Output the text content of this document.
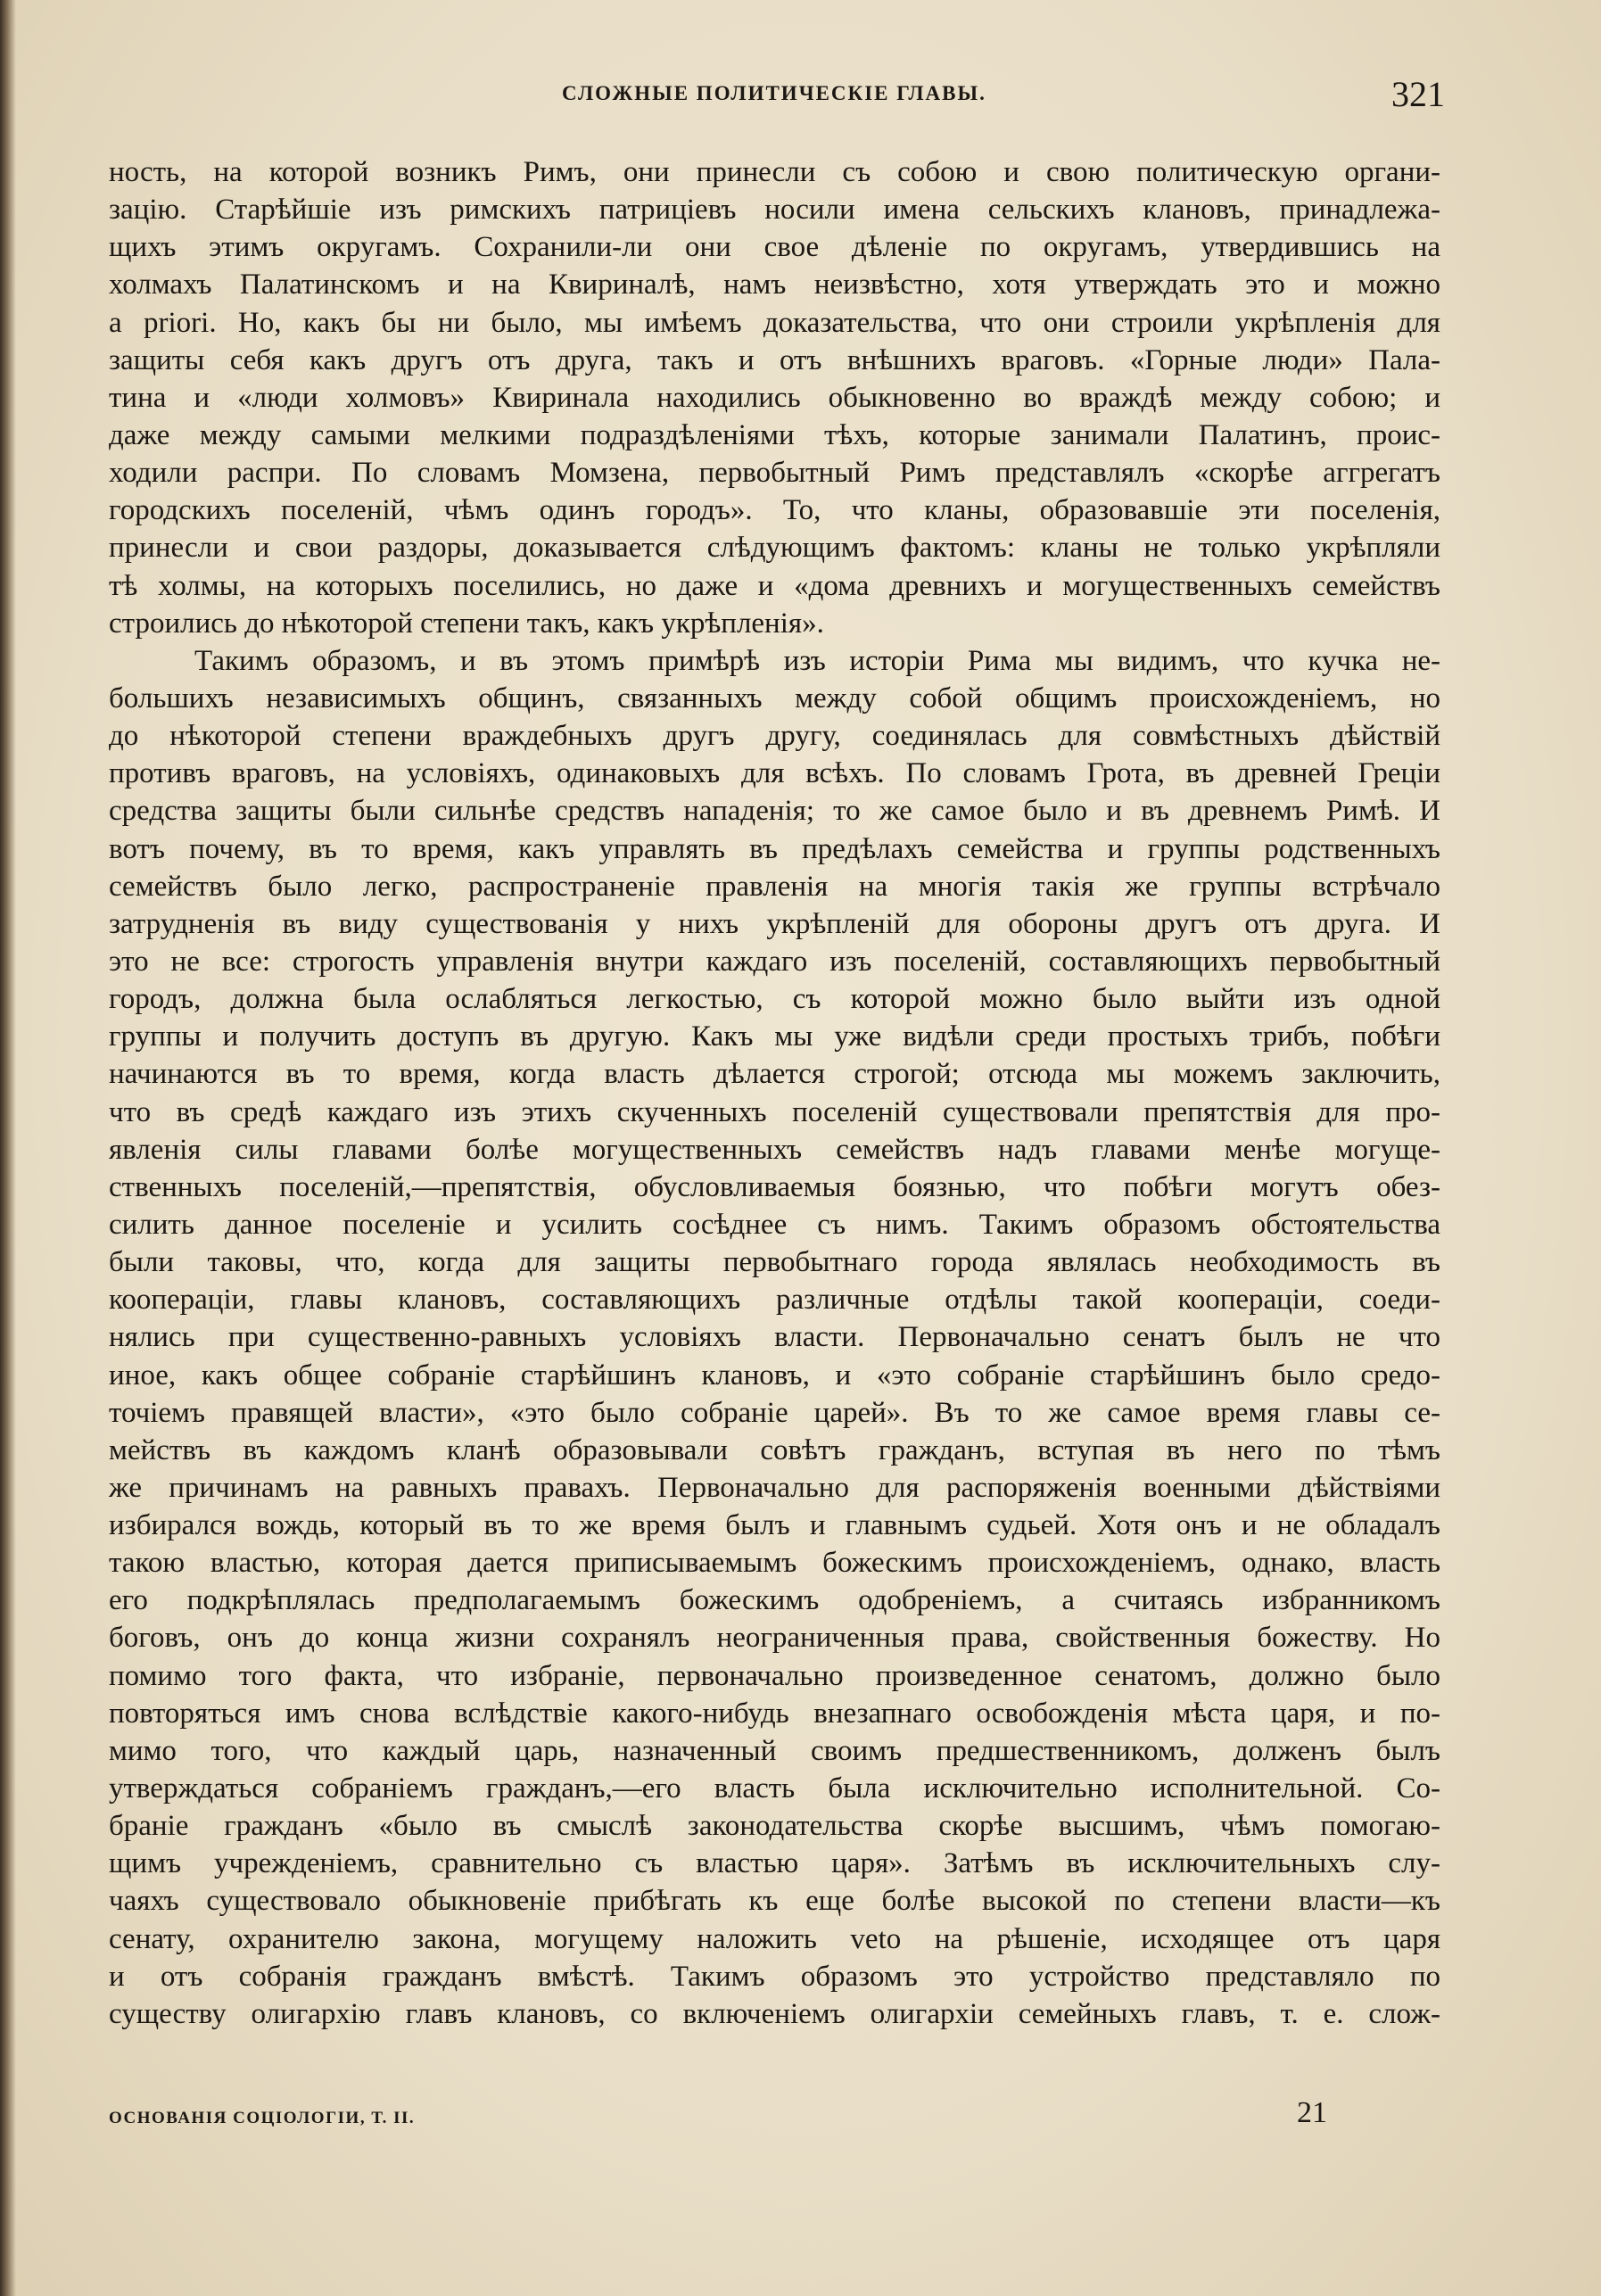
СЛОЖНЫЕ ПОЛИТИЧЕСКІЕ ГЛАВЫ.	321
ность, на которой возникъ Римъ, они принесли съ собою и свою политическую органи-
зацію. Старѣйшіе изъ римскихъ патриціевъ носили имена сельскихъ клановъ, принадлежа-
щихъ этимъ округамъ. Сохранили-ли они свое дѣленіе по округамъ, утвердившись на
холмахъ Палатинскомъ и на Квириналѣ, намъ неизвѣстно, хотя утверждать это и можно
a priori. Но, какъ бы ни было, мы имѣемъ доказательства, что они строили укрѣпленія для
защиты себя какъ другъ отъ друга, такъ и отъ внѣшнихъ враговъ. «Горные люди» Пала-
тина и «люди холмовъ» Квиринала находились обыкновенно во враждѣ между собою; и
даже между самыми мелкими подраздѣленіями тѣхъ, которые занимали Палатинъ, проис-
ходили распри. По словамъ Момзена, первобытный Римъ представлялъ «скорѣе аггрегатъ
городскихъ поселеній, чѣмъ одинъ городъ». То, что кланы, образовавшіе эти поселенія,
принесли и свои раздоры, доказывается слѣдующимъ фактомъ: кланы не только укрѣпляли
тѣ холмы, на которыхъ поселились, но даже и «дома древнихъ и могущественныхъ семействъ
строились до нѣкоторой степени такъ, какъ укрѣпленія».
Такимъ образомъ, и въ этомъ примѣрѣ изъ исторіи Рима мы видимъ, что кучка не-
большихъ независимыхъ общинъ, связанныхъ между собой общимъ происхожденіемъ, но
до нѣкоторой степени враждебныхъ другъ другу, соединялась для совмѣстныхъ дѣйствій
противъ враговъ, на условіяхъ, одинаковыхъ для всѣхъ. По словамъ Грота, въ древней Греціи
средства защиты были сильнѣе средствъ нападенія; то же самое было и въ древнемъ Римѣ. И
вотъ почему, въ то время, какъ управлять въ предѣлахъ семейства и группы родственныхъ
семействъ было легко, распространеніе правленія на многія такія же группы встрѣчало
затрудненія въ виду существованія у нихъ укрѣпленій для обороны другъ отъ друга. И
это не все: строгость управленія внутри каждаго изъ поселеній, составляющихъ первобытный
городъ, должна была ослабляться легкостью, съ которой можно было выйти изъ одной
группы и получить доступъ въ другую. Какъ мы уже видѣли среди простыхъ трибъ, побѣги
начинаются въ то время, когда власть дѣлается строгой; отсюда мы можемъ заключить,
что въ средѣ каждаго изъ этихъ скученныхъ поселеній существовали препятствія для про-
явленія силы главами болѣе могущественныхъ семействъ надъ главами менѣе могуще-
ственныхъ поселеній,—препятствія, обусловливаемыя боязнью, что побѣги могутъ обез-
силить данное поселеніе и усилить сосѣднее съ нимъ. Такимъ образомъ обстоятельства
были таковы, что, когда для защиты первобытнаго города являлась необходимость въ
коопераціи, главы клановъ, составляющихъ различные отдѣлы такой коопераціи, соеди-
нялись при существенно-равныхъ условіяхъ власти. Первоначально сенатъ былъ не что
иное, какъ общее собраніе старѣйшинъ клановъ, и «это собраніе старѣйшинъ было средо-
точіемъ правящей власти», «это было собраніе царей». Въ то же самое время главы се-
мействъ въ каждомъ кланѣ образовывали совѣтъ гражданъ, вступая въ него по тѣмъ
же причинамъ на равныхъ правахъ. Первоначально для распоряженія военными дѣйствіями
избирался вождь, который въ то же время былъ и главнымъ судьей. Хотя онъ и не обладалъ
такою властью, которая дается приписываемымъ божескимъ происхожденіемъ, однако, власть
его подкрѣплялась предполагаемымъ божескимъ одобреніемъ, а считаясь избранникомъ
боговъ, онъ до конца жизни сохранялъ неограниченныя права, свойственныя божеству. Но
помимо того факта, что избраніе, первоначально произведенное сенатомъ, должно было
повторяться имъ снова вслѣдствіе какого-нибудь внезапнаго освобожденія мѣста царя, и по-
мимо того, что каждый царь, назначенный своимъ предшественникомъ, долженъ былъ
утверждаться собраніемъ гражданъ,—его власть была исключительно исполнительной. Со-
браніе гражданъ «было въ смыслѣ законодательства скорѣе высшимъ, чѣмъ помогаю-
щимъ учрежденіемъ, сравнительно съ властью царя». Затѣмъ въ исключительныхъ слу-
чаяхъ существовало обыкновеніе прибѣгать къ еще болѣе высокой по степени власти—къ
сенату, охранителю закона, могущему наложить veto на рѣшеніе, исходящее отъ царя
и отъ собранія гражданъ вмѣстѣ. Такимъ образомъ это устройство представляло по
существу олигархію главъ клановъ, со включеніемъ олигархіи семейныхъ главъ, т. е. слож-
ОСНОВАНІЯ СОЦІОЛОГІИ, Т. II.	21
